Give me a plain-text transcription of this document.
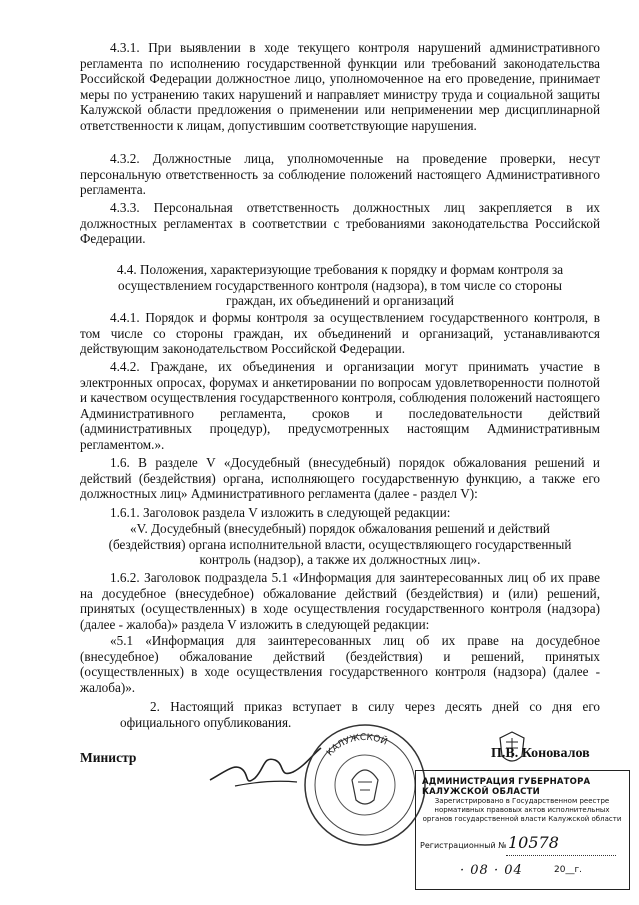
4.3.1. При выявлении в ходе текущего контроля нарушений административного регламента по исполнению государственной функции или требований законодательства Российской Федерации должностное лицо, уполномоченное на его проведение, принимает меры по устранению таких нарушений и направляет министру труда и социальной защиты Калужской области предложения о применении или неприменении мер дисциплинарной ответственности к лицам, допустившим соответствующие нарушения.

4.3.2. Должностные лица, уполномоченные на проведение проверки, несут персональную ответственность за соблюдение положений настоящего Административного регламента.

4.3.3. Персональная ответственность должностных лиц закрепляется в их должностных регламентах в соответствии с требованиями законодательства Российской Федерации.

4.4. Положения, характеризующие требования к порядку и формам контроля за осуществлением государственного контроля (надзора), в том числе со стороны граждан, их объединений и организаций

4.4.1. Порядок и формы контроля за осуществлением государственного контроля, в том числе со стороны граждан, их объединений и организаций, устанавливаются действующим законодательством Российской Федерации.

4.4.2. Граждане, их объединения и организации могут принимать участие в электронных опросах, форумах и анкетировании по вопросам удовлетворенности полнотой и качеством осуществления государственного контроля, соблюдения положений настоящего Административного регламента, сроков и последовательности действий (административных процедур), предусмотренных настоящим Административным регламентом.».

1.6. В разделе V «Досудебный (внесудебный) порядок обжалования решений и действий (бездействия) органа, исполняющего государственную функцию, а также его должностных лиц» Административного регламента (далее - раздел V):

1.6.1. Заголовок раздела V изложить в следующей редакции:

«V. Досудебный (внесудебный) порядок обжалования решений и действий (бездействия) органа исполнительной власти, осуществляющего государственный контроль (надзор), а также их должностных лиц».

1.6.2. Заголовок подраздела 5.1 «Информация для заинтересованных лиц об их праве на досудебное (внесудебное) обжалование действий (бездействия) и (или) решений, принятых (осуществленных) в ходе осуществления государственного контроля (надзора) (далее - жалоба)» раздела V изложить в следующей редакции:

«5.1 «Информация для заинтересованных лиц об их праве на досудебное (внесудебное) обжалование действий (бездействия) и решений, принятых (осуществленных) в ходе осуществления государственного контроля (надзора) (далее - жалоба)».

2. Настоящий приказ вступает в силу через десять дней со дня его официального опубликования.

Министр	КАЛУЖСКОЙ
П.В. Коновалов
АДМИНИСТРАЦИЯ ГУБЕРНАТОРА КАЛУЖСКОЙ ОБЛАСТИ
Зарегистрировано в Государственном реестре нормативных правовых актов исполнительных органов государственной власти Калужской области
Регистрационный № 10578
· 08 · 04	20__г.
